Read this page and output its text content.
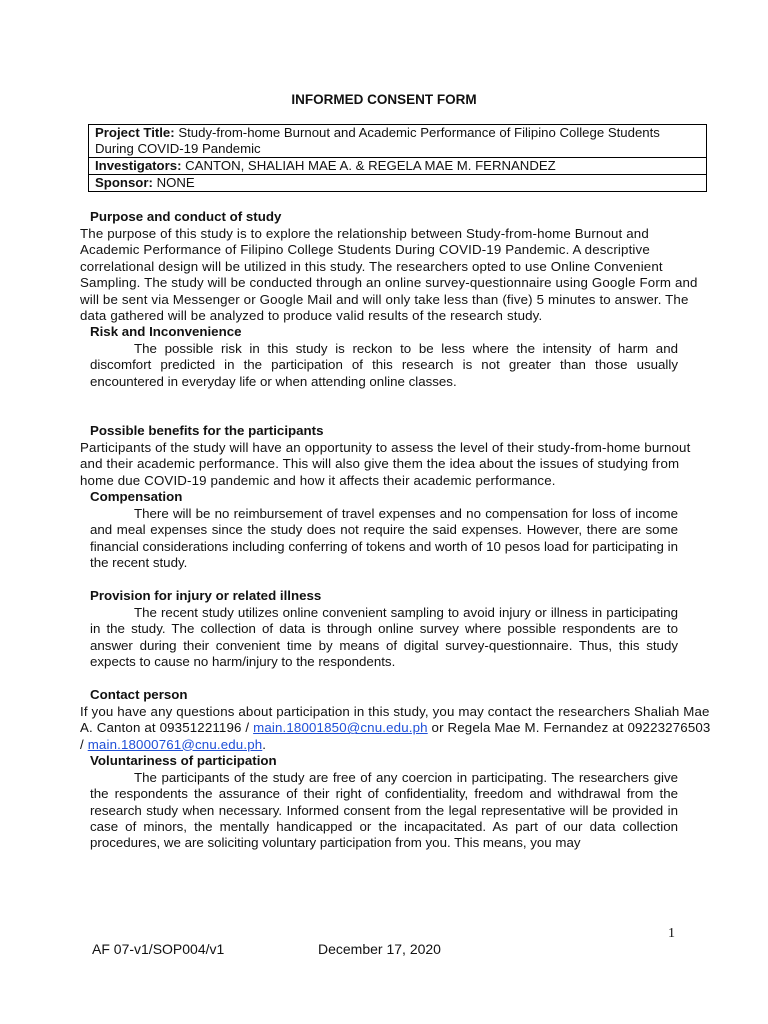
INFORMED CONSENT FORM
Project Title: Study-from-home Burnout and Academic Performance of Filipino College Students During COVID-19 Pandemic
Investigators: CANTON, SHALIAH MAE A. & REGELA MAE M. FERNANDEZ
Sponsor: NONE
Purpose and conduct of study
The purpose of this study is to explore the relationship between Study-from-home Burnout and Academic Performance of Filipino College Students During COVID-19 Pandemic. A descriptive correlational design will be utilized in this study. The researchers opted to use Online Convenient Sampling. The study will be conducted through an online survey-questionnaire using Google Form and will be sent via Messenger or Google Mail and will only take less than (five) 5 minutes to answer. The data gathered will be analyzed to produce valid results of the research study.
Risk and Inconvenience
The possible risk in this study is reckon to be less where the intensity of harm and discomfort predicted in the participation of this research is not greater than those usually encountered in everyday life or when attending online classes.
Possible benefits for the participants
Participants of the study will have an opportunity to assess the level of their study-from-home burnout and their academic performance. This will also give them the idea about the issues of studying from home due COVID-19 pandemic and how it affects their academic performance.
Compensation
There will be no reimbursement of travel expenses and no compensation for loss of income and meal expenses since the study does not require the said expenses. However, there are some financial considerations including conferring of tokens and worth of 10 pesos load for participating in the recent study.
Provision for injury or related illness
The recent study utilizes online convenient sampling to avoid injury or illness in participating in the study. The collection of data is through online survey where possible respondents are to answer during their convenient time by means of digital survey-questionnaire. Thus, this study expects to cause no harm/injury to the respondents.
Contact person
If you have any questions about participation in this study, you may contact the researchers Shaliah Mae A. Canton at 09351221196 / main.18001850@cnu.edu.ph or Regela Mae M. Fernandez at 09223276503 / main.18000761@cnu.edu.ph.
Voluntariness of participation
The participants of the study are free of any coercion in participating. The researchers give the respondents the assurance of their right of confidentiality, freedom and withdrawal from the research study when necessary. Informed consent from the legal representative will be provided in case of minors, the mentally handicapped or the incapacitated. As part of our data collection procedures, we are soliciting voluntary participation from you. This means, you may
1
AF 07-v1/SOP004/v1	December 17, 2020
